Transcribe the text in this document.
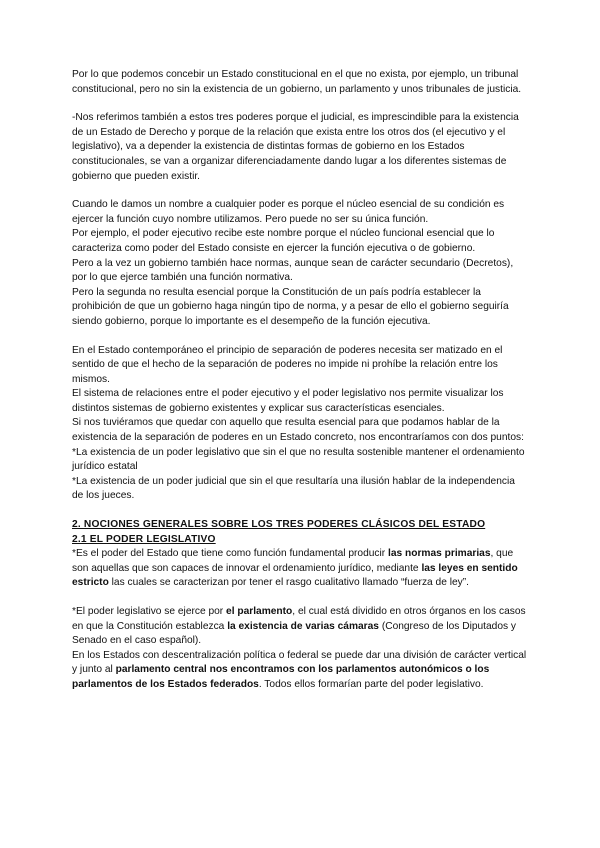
Por lo que podemos concebir un Estado constitucional en el que no exista, por ejemplo, un tribunal constitucional, pero no sin la existencia de un gobierno, un parlamento y unos tribunales de justicia.

-Nos referimos también a estos tres poderes porque el judicial, es imprescindible para la existencia de un Estado de Derecho y porque de la relación que exista entre los otros dos (el ejecutivo y el legislativo), va a depender la existencia de distintas formas de gobierno en los Estados constitucionales, se van a organizar diferenciadamente dando lugar a los diferentes sistemas de gobierno que pueden existir.

Cuando le damos un nombre a cualquier poder es porque el núcleo esencial de su condición es ejercer la función cuyo nombre utilizamos. Pero puede no ser su única función.

Por ejemplo, el poder ejecutivo recibe este nombre porque el núcleo funcional esencial que lo caracteriza como poder del Estado consiste en ejercer la función ejecutiva o de gobierno.

Pero a la vez un gobierno también hace normas, aunque sean de carácter secundario (Decretos), por lo que ejerce también una función normativa.

Pero la segunda no resulta esencial porque la Constitución de un país podría establecer la prohibición de que un gobierno haga ningún tipo de norma, y a pesar de ello el gobierno seguiría siendo gobierno, porque lo importante es el desempeño de la función ejecutiva.

En el Estado contemporáneo el principio de separación de poderes necesita ser matizado en el sentido de que el hecho de la separación de poderes no impide ni prohíbe la relación entre los mismos.

El sistema de relaciones entre el poder ejecutivo y el poder legislativo nos permite visualizar los distintos sistemas de gobierno existentes y explicar sus características esenciales.

Si nos tuviéramos que quedar con aquello que resulta esencial para que podamos hablar de la existencia de la separación de poderes en un Estado concreto, nos encontraríamos con dos puntos:

*La existencia de un poder legislativo que sin el que no resulta sostenible mantener el ordenamiento jurídico estatal

*La existencia de un poder judicial que sin el que resultaría una ilusión hablar de la independencia de los jueces.

2. NOCIONES GENERALES SOBRE LOS TRES PODERES CLÁSICOS DEL ESTADO

2.1 EL PODER LEGISLATIVO

*Es el poder del Estado que tiene como función fundamental producir las normas primarias, que son aquellas que son capaces de innovar el ordenamiento jurídico, mediante las leyes en sentido estricto las cuales se caracterizan por tener el rasgo cualitativo llamado “fuerza de ley”.

*El poder legislativo se ejerce por el parlamento, el cual está dividido en otros órganos en los casos en que la Constitución establezca la existencia de varias cámaras (Congreso de los Diputados y Senado en el caso español).

En los Estados con descentralización política o federal se puede dar una división de carácter vertical y junto al parlamento central nos encontramos con los parlamentos autonómicos o los parlamentos de los Estados federados. Todos ellos formarían parte del poder legislativo.
